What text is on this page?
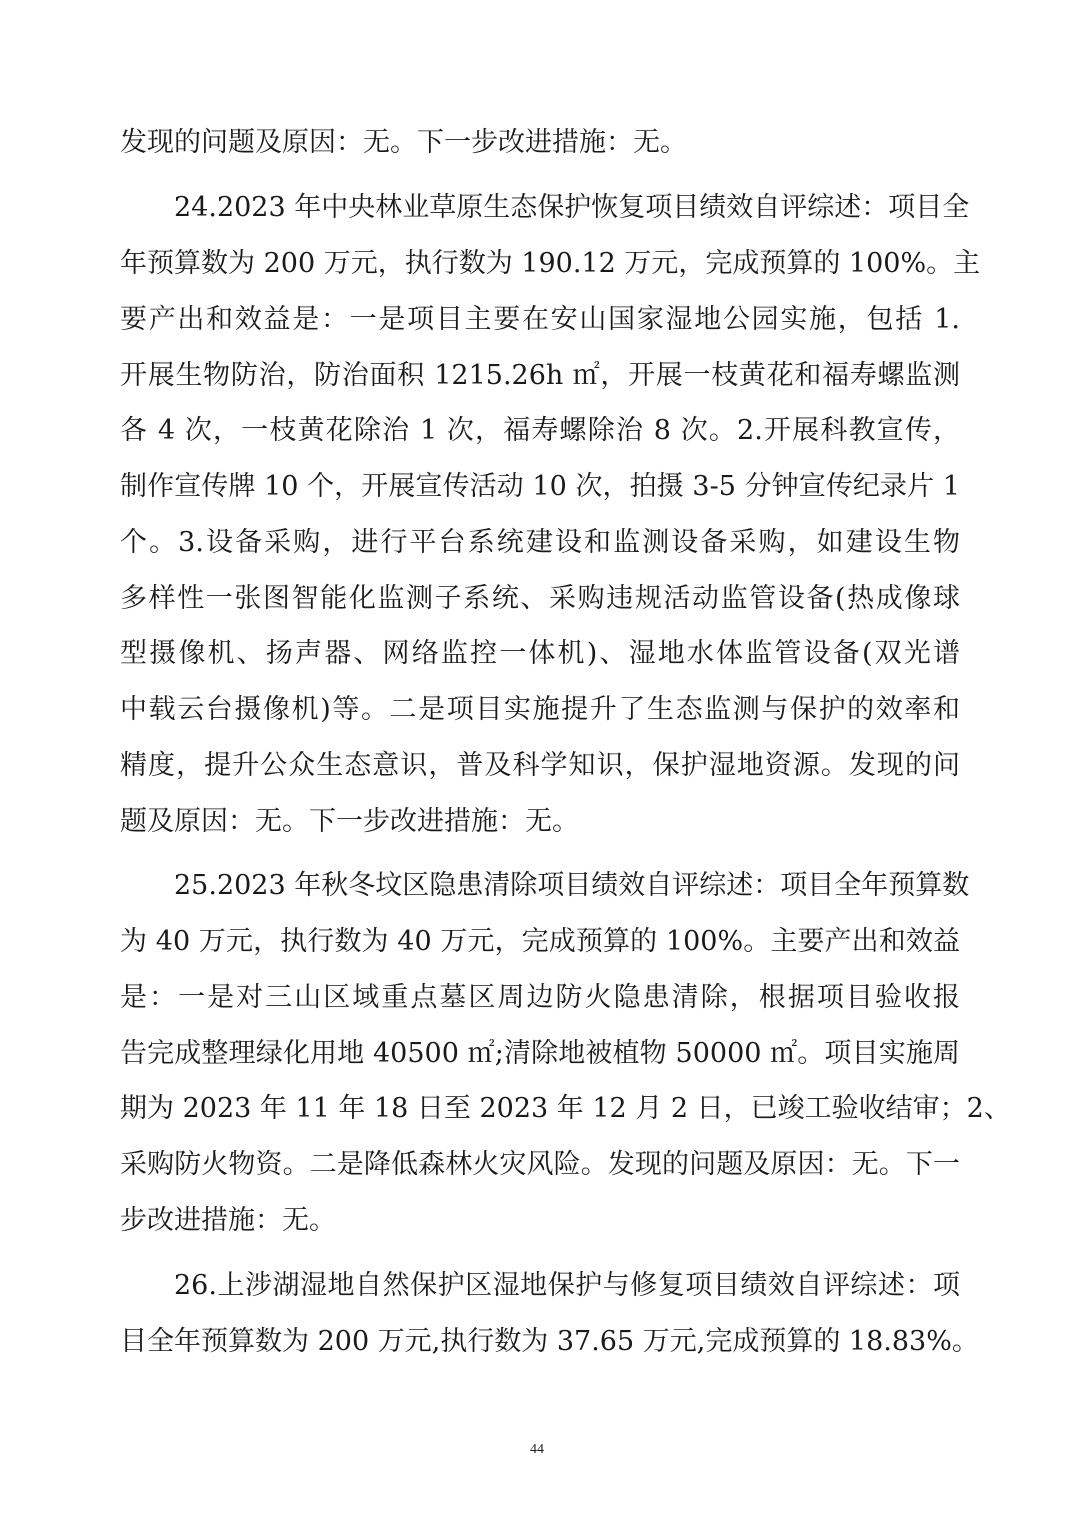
发现的问题及原因：无。下一步改进措施：无。
24.2023 年中央林业草原生态保护恢复项目绩效自评综述：项目全
年预算数为 200 万元，执行数为 190.12 万元，完成预算的 100%。主
要产出和效益是：一是项目主要在安山国家湿地公园实施，包括 1.
开展生物防治，防治面积 1215.26h ㎡，开展一枝黄花和福寿螺监测
各 4 次，一枝黄花除治 1 次，福寿螺除治 8 次。2.开展科教宣传，
制作宣传牌 10 个，开展宣传活动 10 次，拍摄 3-5 分钟宣传纪录片 1
个。3.设备采购，进行平台系统建设和监测设备采购，如建设生物
多样性一张图智能化监测子系统、采购违规活动监管设备(热成像球
型摄像机、扬声器、网络监控一体机)、湿地水体监管设备(双光谱
中载云台摄像机)等。二是项目实施提升了生态监测与保护的效率和
精度，提升公众生态意识，普及科学知识，保护湿地资源。发现的问
题及原因：无。下一步改进措施：无。
25.2023 年秋冬坟区隐患清除项目绩效自评综述：项目全年预算数
为 40 万元，执行数为 40 万元，完成预算的 100%。主要产出和效益
是：一是对三山区域重点墓区周边防火隐患清除，根据项目验收报
告完成整理绿化用地 40500 ㎡;清除地被植物 50000 ㎡。项目实施周
期为 2023 年 11 年 18 日至 2023 年 12 月 2 日，已竣工验收结审；2、
采购防火物资。二是降低森林火灾风险。发现的问题及原因：无。下一
步改进措施：无。
26.上涉湖湿地自然保护区湿地保护与修复项目绩效自评综述：项
目全年预算数为 200 万元,执行数为 37.65 万元,完成预算的 18.83%。
44
